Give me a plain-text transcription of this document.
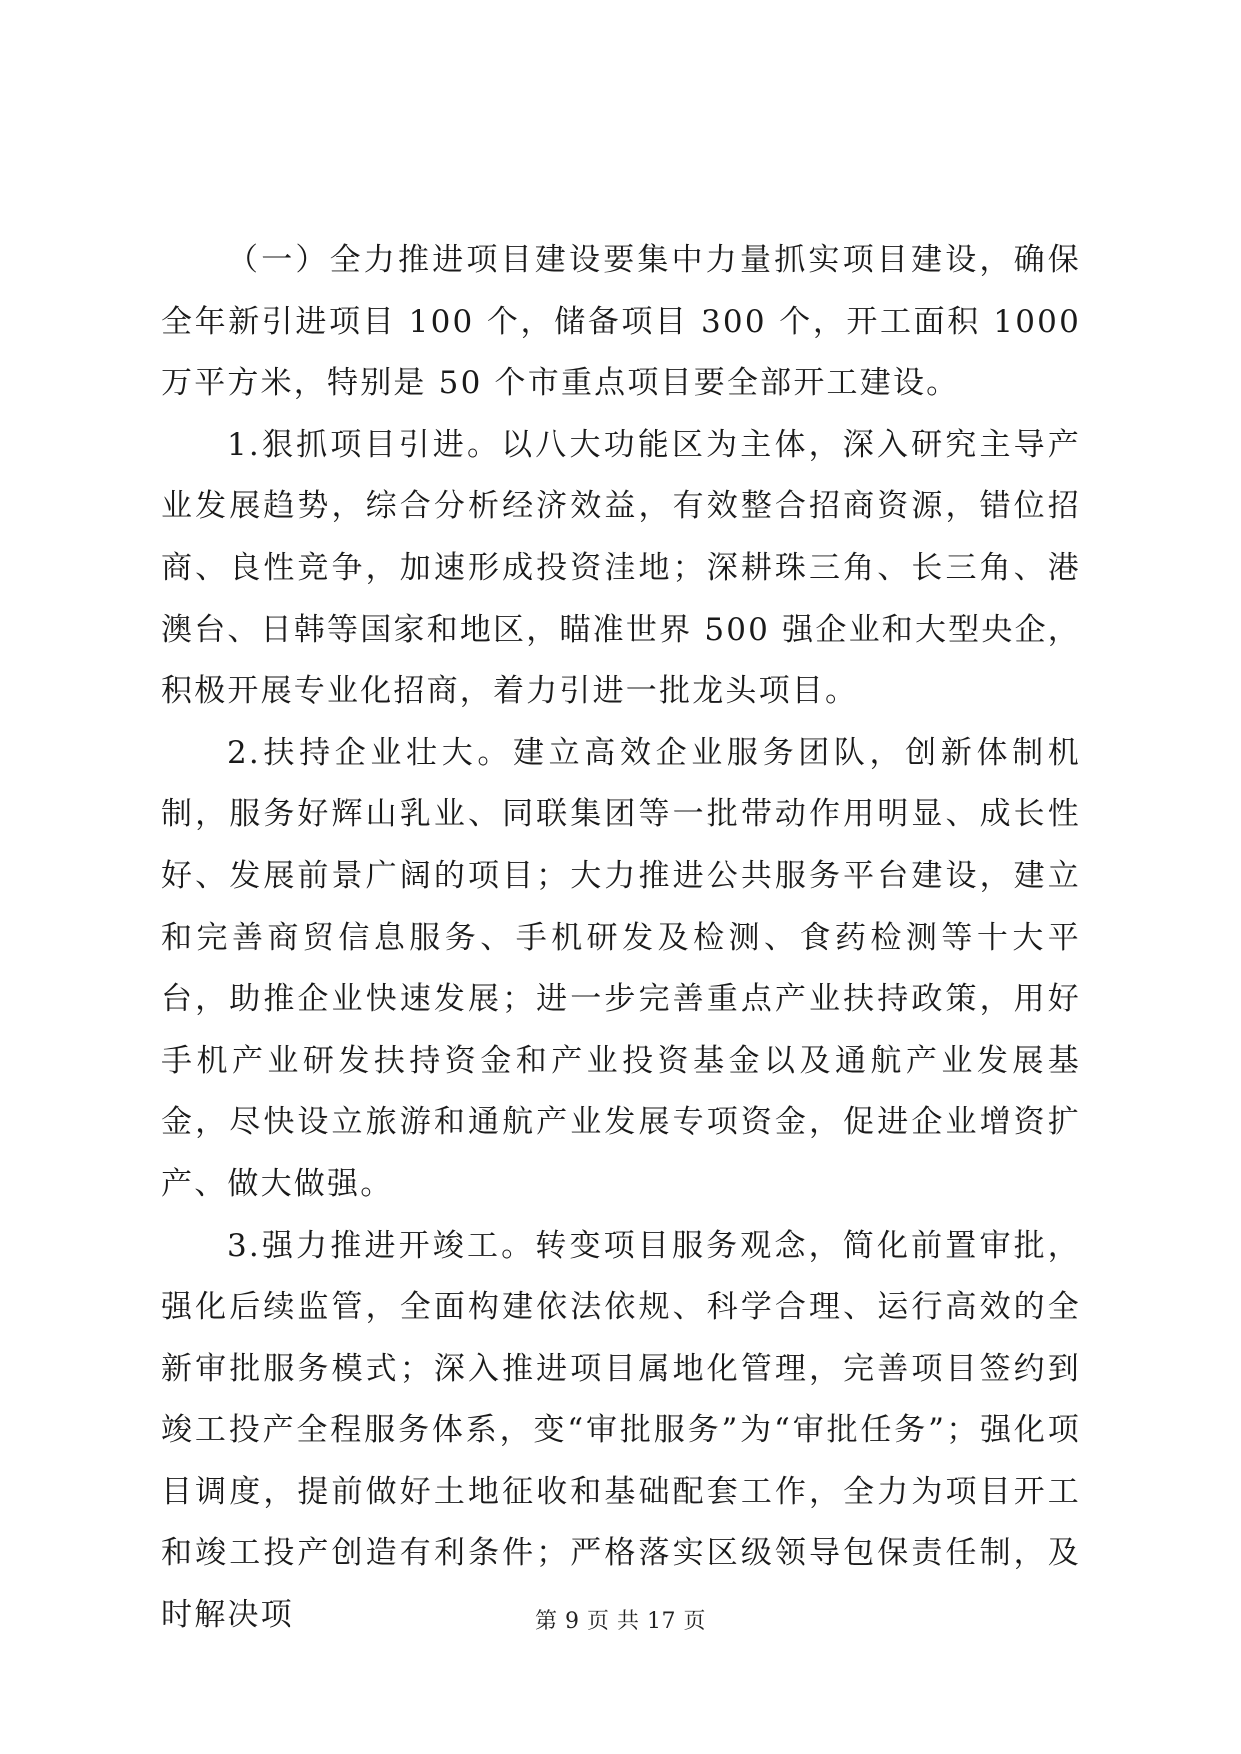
（一）全力推进项目建设要集中力量抓实项目建设，确保全年新引进项目 100 个，储备项目 300 个，开工面积 1000 万平方米，特别是 50 个市重点项目要全部开工建设。

1.狠抓项目引进。以八大功能区为主体，深入研究主导产业发展趋势，综合分析经济效益，有效整合招商资源，错位招商、良性竞争，加速形成投资洼地；深耕珠三角、长三角、港澳台、日韩等国家和地区，瞄准世界 500 强企业和大型央企，积极开展专业化招商，着力引进一批龙头项目。

2.扶持企业壮大。建立高效企业服务团队，创新体制机制，服务好辉山乳业、同联集团等一批带动作用明显、成长性好、发展前景广阔的项目；大力推进公共服务平台建设，建立和完善商贸信息服务、手机研发及检测、食药检测等十大平台，助推企业快速发展；进一步完善重点产业扶持政策，用好手机产业研发扶持资金和产业投资基金以及通航产业发展基金，尽快设立旅游和通航产业发展专项资金，促进企业增资扩产、做大做强。

3.强力推进开竣工。转变项目服务观念，简化前置审批，强化后续监管，全面构建依法依规、科学合理、运行高效的全新审批服务模式；深入推进项目属地化管理，完善项目签约到竣工投产全程服务体系，变“审批服务”为“审批任务”；强化项目调度，提前做好土地征收和基础配套工作，全力为项目开工和竣工投产创造有利条件；严格落实区级领导包保责任制，及时解决项	第 9 页 共 17 页
